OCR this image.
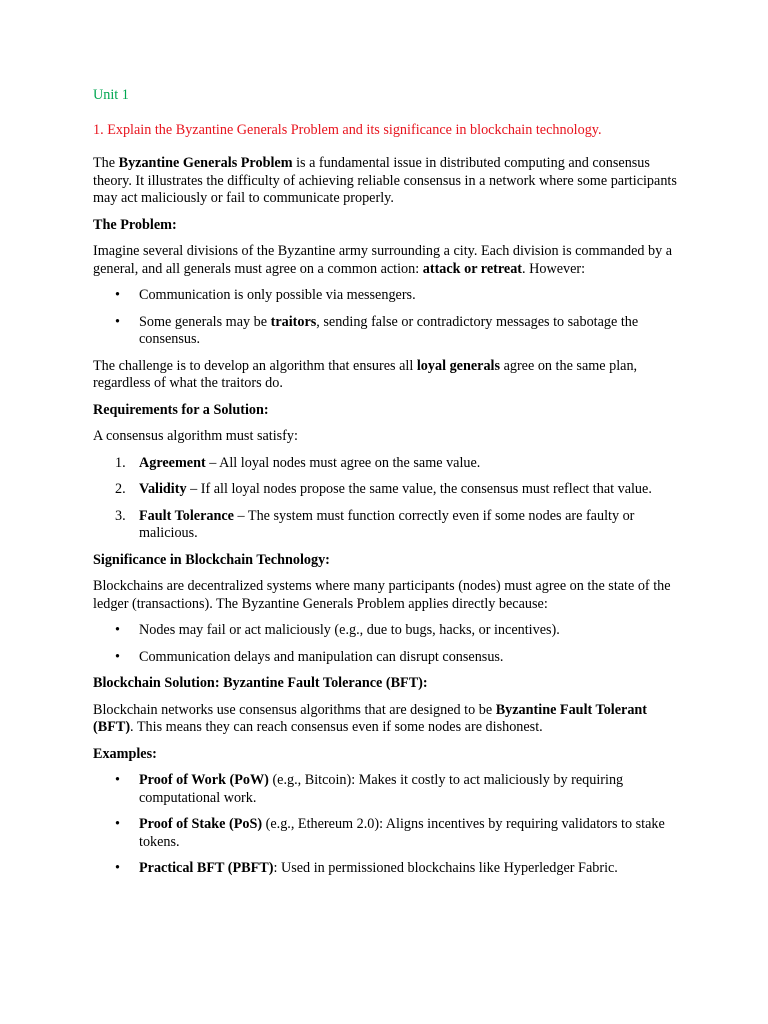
Unit 1
1. Explain the Byzantine Generals Problem and its significance in blockchain technology.

The Byzantine Generals Problem is a fundamental issue in distributed computing and consensus theory. It illustrates the difficulty of achieving reliable consensus in a network where some participants may act maliciously or fail to communicate properly.

The Problem:

Imagine several divisions of the Byzantine army surrounding a city. Each division is commanded by a general, and all generals must agree on a common action: attack or retreat. However:

• Communication is only possible via messengers.
• Some generals may be traitors, sending false or contradictory messages to sabotage the consensus.

The challenge is to develop an algorithm that ensures all loyal generals agree on the same plan, regardless of what the traitors do.

Requirements for a Solution:

A consensus algorithm must satisfy:

1. Agreement – All loyal nodes must agree on the same value.
2. Validity – If all loyal nodes propose the same value, the consensus must reflect that value.
3. Fault Tolerance – The system must function correctly even if some nodes are faulty or malicious.
Significance in Blockchain Technology:

Blockchains are decentralized systems where many participants (nodes) must agree on the state of the ledger (transactions). The Byzantine Generals Problem applies directly because:

• Nodes may fail or act maliciously (e.g., due to bugs, hacks, or incentives).
• Communication delays and manipulation can disrupt consensus.
Blockchain Solution: Byzantine Fault Tolerance (BFT):

Blockchain networks use consensus algorithms that are designed to be Byzantine Fault Tolerant (BFT). This means they can reach consensus even if some nodes are dishonest.

Examples:
• Proof of Work (PoW) (e.g., Bitcoin): Makes it costly to act maliciously by requiring computational work.
• Proof of Stake (PoS) (e.g., Ethereum 2.0): Aligns incentives by requiring validators to stake tokens.
• Practical BFT (PBFT): Used in permissioned blockchains like Hyperledger Fabric.
